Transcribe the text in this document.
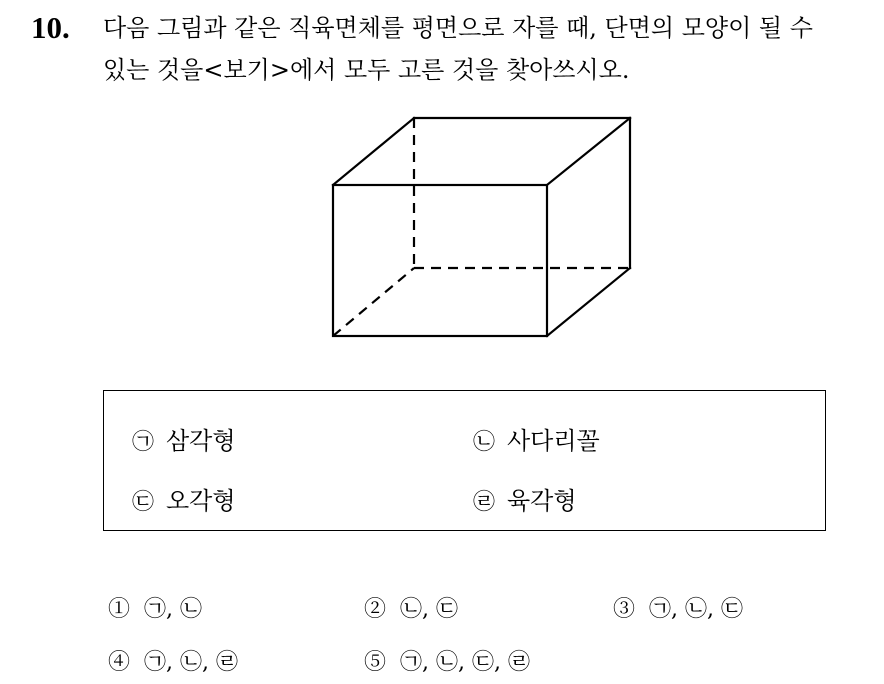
10. 다음 그림과 같은 직육면체를 평면으로 자를 때, 단면의 모양이 될 수
있는 것을<보기>에서 모두 고른 것을 찾아쓰시오.
㉠ 삼각형	㉡ 사다리꼴
㉢ 오각형	㉣ 육각형
① ㉠, ㉡	② ㉡, ㉢	③ ㉠, ㉡, ㉢
④ ㉠, ㉡, ㉣	⑤ ㉠, ㉡, ㉢, ㉣
